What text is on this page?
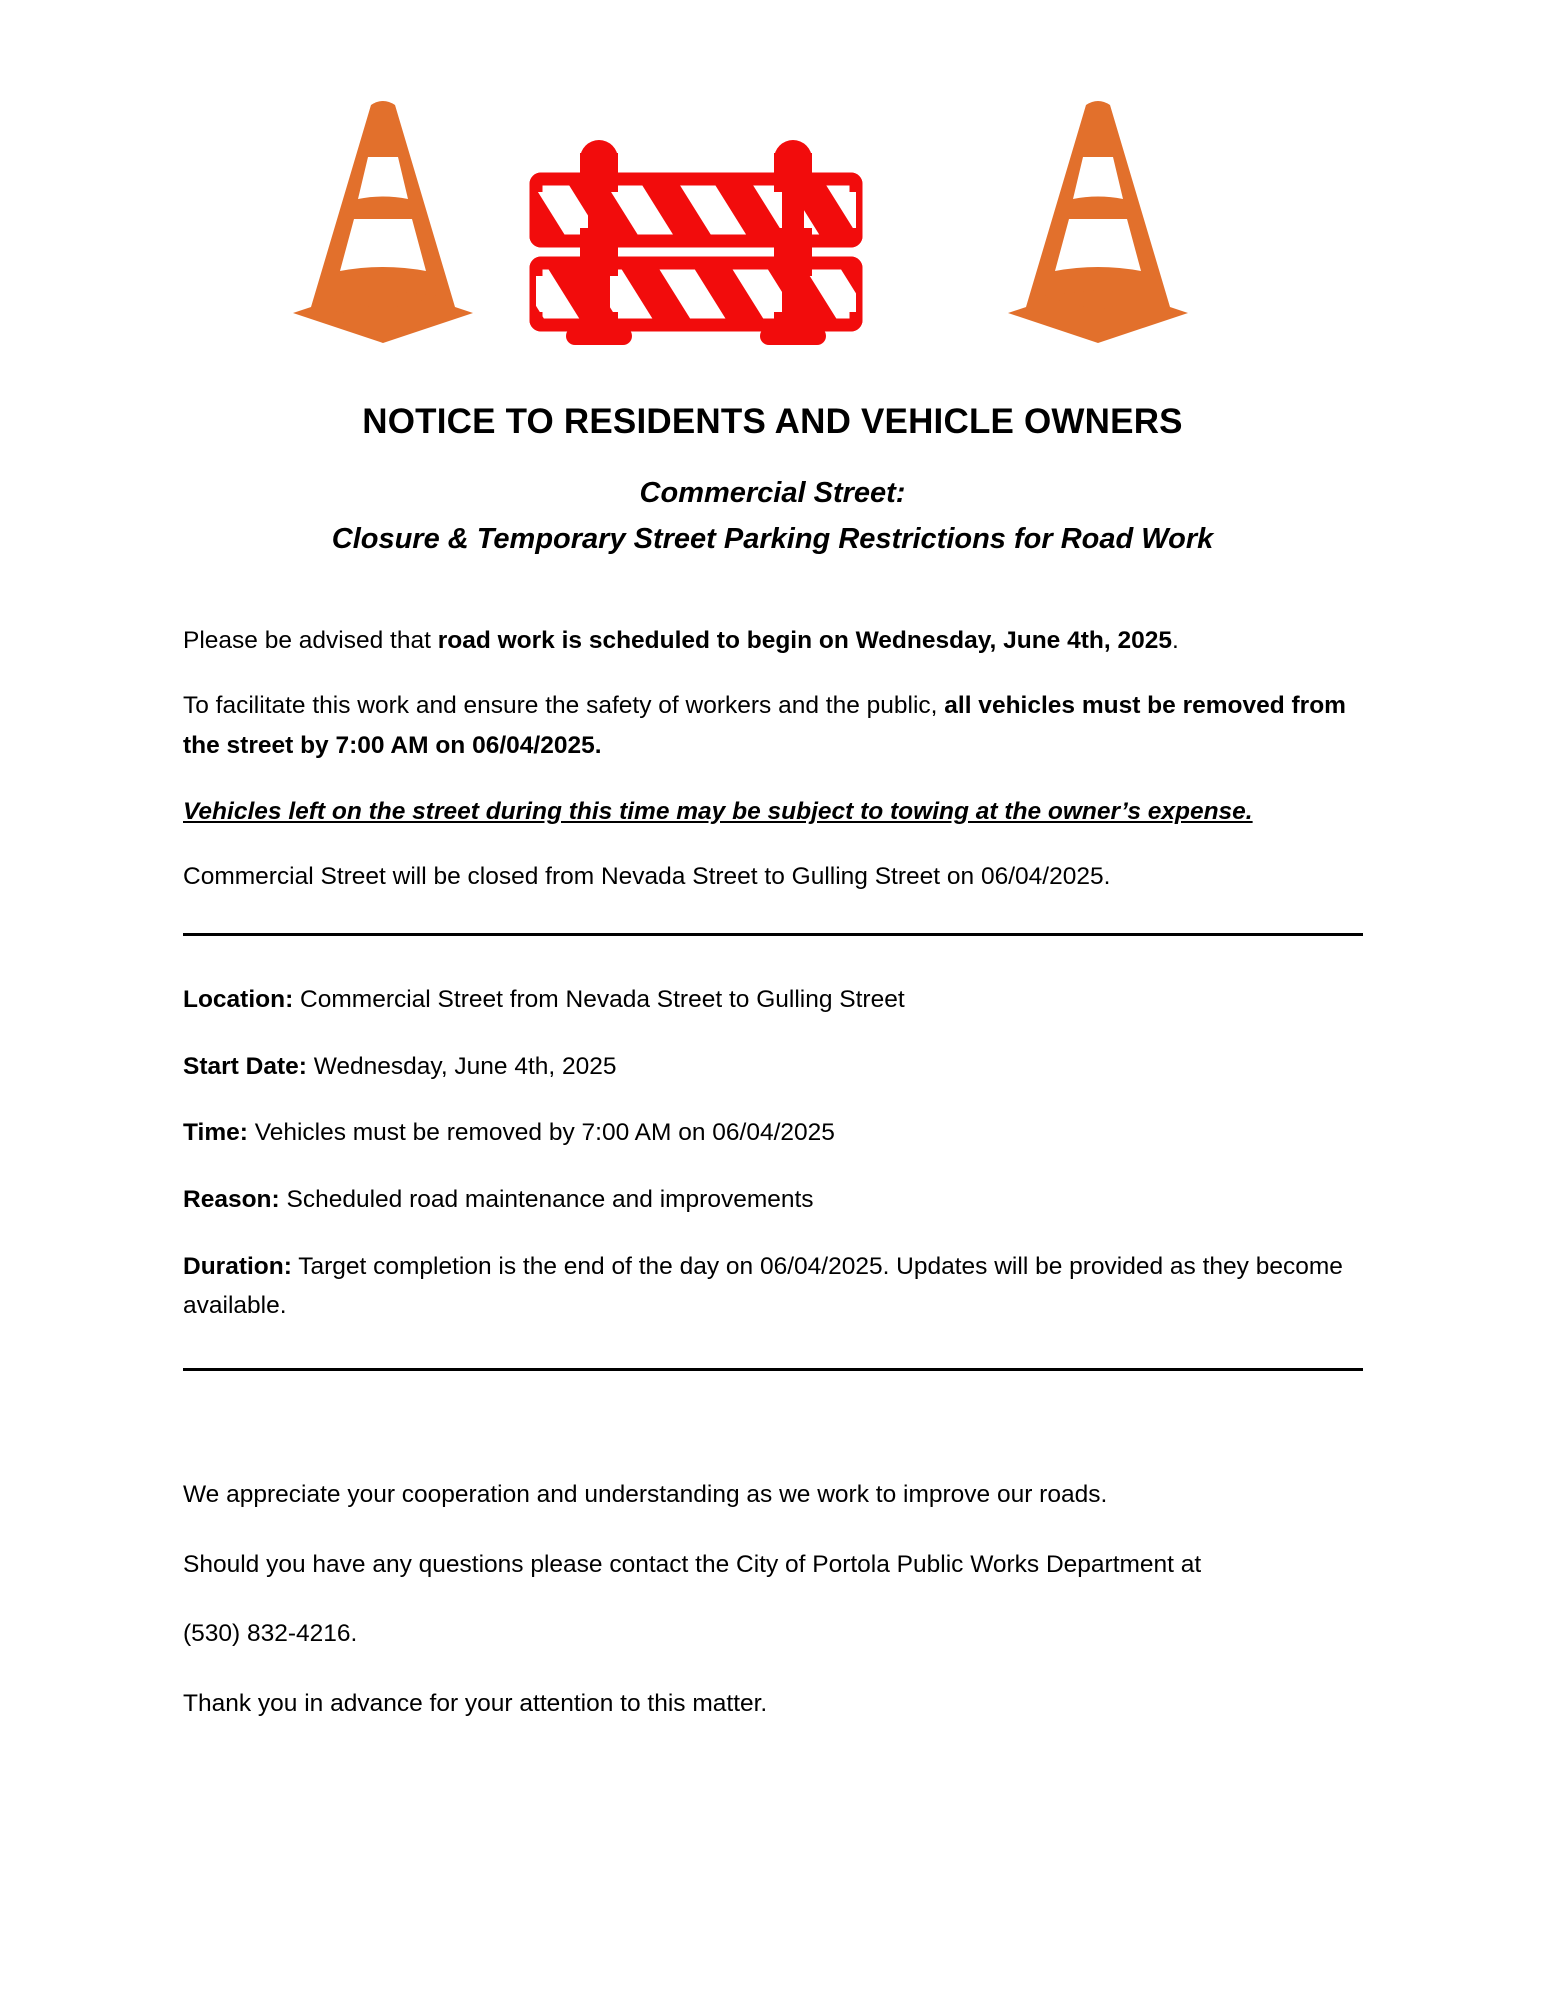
NOTICE TO RESIDENTS AND VEHICLE OWNERS
Commercial Street:
Closure & Temporary Street Parking Restrictions for Road Work

Please be advised that road work is scheduled to begin on Wednesday, June 4th, 2025.

To facilitate this work and ensure the safety of workers and the public, all vehicles must be removed from the street by 7:00 AM on 06/04/2025.

Vehicles left on the street during this time may be subject to towing at the owner’s expense.

Commercial Street will be closed from Nevada Street to Gulling Street on 06/04/2025.

Location: Commercial Street from Nevada Street to Gulling Street

Start Date: Wednesday, June 4th, 2025

Time: Vehicles must be removed by 7:00 AM on 06/04/2025

Reason: Scheduled road maintenance and improvements

Duration: Target completion is the end of the day on 06/04/2025. Updates will be provided as they become available.

We appreciate your cooperation and understanding as we work to improve our roads.

Should you have any questions please contact the City of Portola Public Works Department at

(530) 832-4216.

Thank you in advance for your attention to this matter.
